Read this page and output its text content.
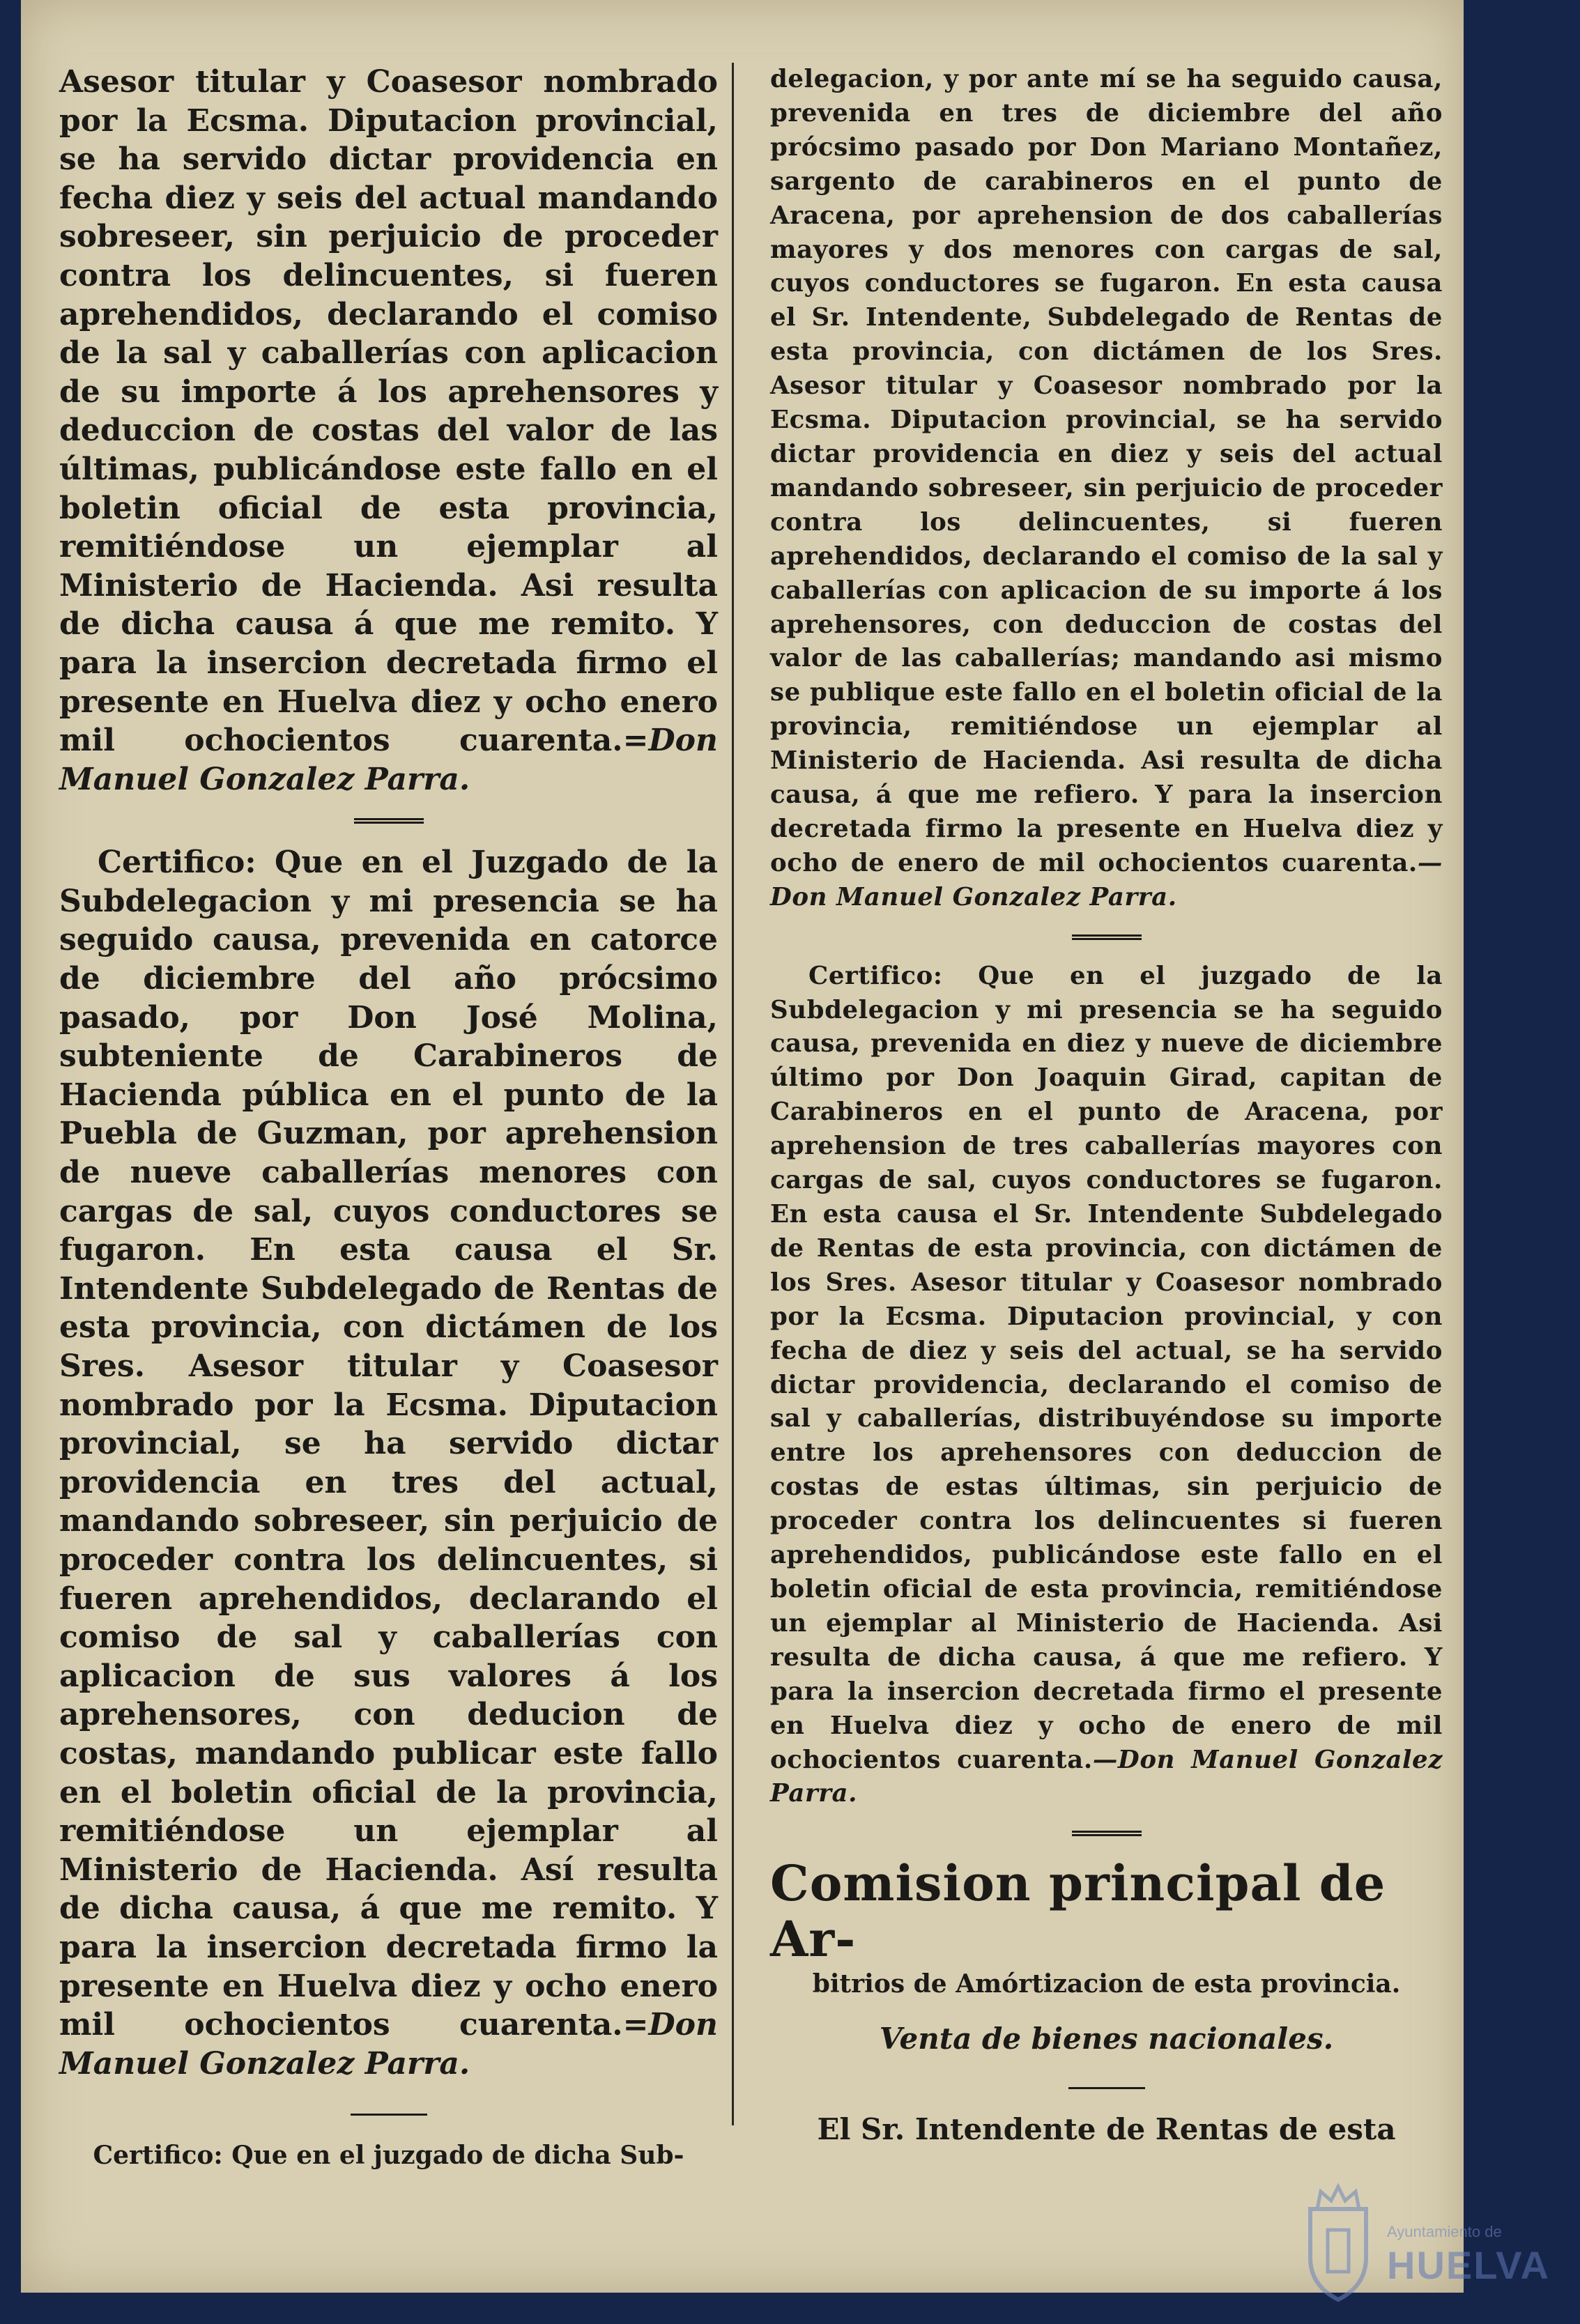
Asesor titular y Coasesor nombrado por la Ecsma. Diputacion provincial, se ha servido dictar providencia en fecha diez y seis del actual mandando sobreseer, sin perjuicio de proceder contra los delincuentes, si fueren aprehendidos, declarando el comiso de la sal y caballerías con aplicacion de su importe á los aprehensores y deduccion de costas del valor de las últimas, publicándose este fallo en el boletin oficial de esta provincia, remitiéndose un ejemplar al Ministerio de Hacienda. Asi resulta de dicha causa á que me remito. Y para la insercion decretada firmo el presente en Huelva diez y ocho enero mil ochocientos cuarenta.=Don Manuel Gonzalez Parra.

Certifico: Que en el Juzgado de la Subdelegacion y mi presencia se ha seguido causa, prevenida en catorce de diciembre del año prócsimo pasado, por Don José Molina, subteniente de Carabineros de Hacienda pública en el punto de la Puebla de Guzman, por aprehension de nueve caballerías menores con cargas de sal, cuyos conductores se fugaron. En esta causa el Sr. Intendente Subdelegado de Rentas de esta provincia, con dictámen de los Sres. Asesor titular y Coasesor nombrado por la Ecsma. Diputacion provincial, se ha servido dictar providencia en tres del actual, mandando sobreseer, sin perjuicio de proceder contra los delincuentes, si fueren aprehendidos, declarando el comiso de sal y caballerías con aplicacion de sus valores á los aprehensores, con deducion de costas, mandando publicar este fallo en el boletin oficial de la provincia, remitiéndose un ejemplar al Ministerio de Hacienda. Así resulta de dicha causa, á que me remito. Y para la insercion decretada firmo la presente en Huelva diez y ocho enero mil ochocientos cuarenta.=Don Manuel Gonzalez Parra.

Certifico: Que en el juzgado de dicha Sub-

delegacion, y por ante mí se ha seguido causa, prevenida en tres de diciembre del año prócsimo pasado por Don Mariano Montañez, sargento de carabineros en el punto de Aracena, por aprehension de dos caballerías mayores y dos menores con cargas de sal, cuyos conductores se fugaron. En esta causa el Sr. Intendente, Subdelegado de Rentas de esta provincia, con dictámen de los Sres. Asesor titular y Coasesor nombrado por la Ecsma. Diputacion provincial, se ha servido dictar providencia en diez y seis del actual mandando sobreseer, sin perjuicio de proceder contra los delincuentes, si fueren aprehendidos, declarando el comiso de la sal y caballerías con aplicacion de su importe á los aprehensores, con deduccion de costas del valor de las caballerías; mandando asi mismo se publique este fallo en el boletin oficial de la provincia, remitiéndose un ejemplar al Ministerio de Hacienda. Asi resulta de dicha causa, á que me refiero. Y para la insercion decretada firmo la presente en Huelva diez y ocho de enero de mil ochocientos cuarenta.—Don Manuel Gonzalez Parra.

Certifico: Que en el juzgado de la Subdelegacion y mi presencia se ha seguido causa, prevenida en diez y nueve de diciembre último por Don Joaquin Girad, capitan de Carabineros en el punto de Aracena, por aprehension de tres caballerías mayores con cargas de sal, cuyos conductores se fugaron. En esta causa el Sr. Intendente Subdelegado de Rentas de esta provincia, con dictámen de los Sres. Asesor titular y Coasesor nombrado por la Ecsma. Diputacion provincial, y con fecha de diez y seis del actual, se ha servido dictar providencia, declarando el comiso de sal y caballerías, distribuyéndose su importe entre los aprehensores con deduccion de costas de estas últimas, sin perjuicio de proceder contra los delincuentes si fueren aprehendidos, publicándose este fallo en el boletin oficial de esta provincia, remitiéndose un ejemplar al Ministerio de Hacienda. Asi resulta de dicha causa, á que me refiero. Y para la insercion decretada firmo el presente en Huelva diez y ocho de enero de mil ochocientos cuarenta.—Don Manuel Gonzalez Parra.

Comision principal de Ar-
bitrios de Amórtizacion de esta provincia.
Venta de bienes nacionales.
El Sr. Intendente de Rentas de esta
Ayuntamiento de
HUELVA
